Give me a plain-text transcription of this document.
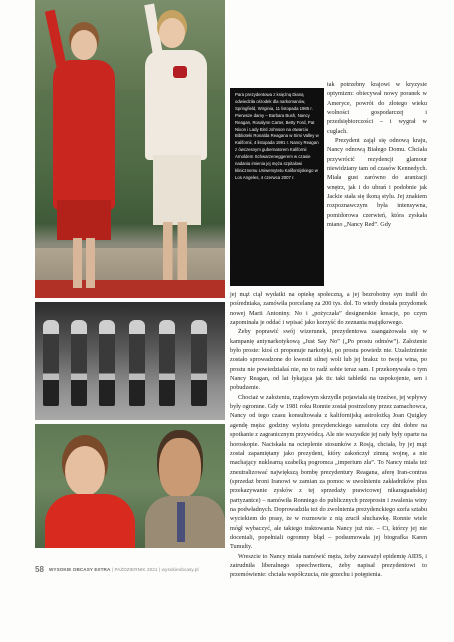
Para prezydentowa z księżną Dianą odwiedziła ośrodek dla narkomanów, Springfield, Wirginia, 11 listopada 1985 r. Pierwsze damy – Barbara Bush, Nancy Reagan, Rosalynn Carter, Betty Ford, Pat Nixon i Lady Bird Johnson na otwarciu Biblioteki Ronalda Reagana w Simi Valley w Kalifornii, 4 listopada 1991 r. Nancy Reagan z ówczesnym gubernatorem Kalifornii Arnoldem Schwarzeneggerem w czasie nadania imienia jej męża szpitalowi klinicznemu Uniwersytetu Kalifornijskiego w Los Angeles, 4 czerwca 2007 r.

tak potrzebny krajowi w kryzysie optymizm: obiecywał nowy poranek w Ameryce, powrót do złotego wieku wolności gospodarczej i przedsiębiorczości – i wygrał w cuglach.

Prezydent zajął się odnową kraju, Nancy odnową Białego Domu. Chciała przywrócić rezydencji glamour niewidziany tam od czasów Kennedych. Miała gust zarówno do aranżacji wnętrz, jak i do ubrań i podobnie jak Jackie stała się ikoną stylu. Jej znakiem rozpoznawczym była intensywna, pomidorowa czerwień, która zyskała miano „Nancy Red”. Gdy

jej mąż ciął wydatki na opiekę społeczną, a jej bezrobotny syn trafił do pośredniaka, zamówiła porcelanę za 200 tys. dol. To wtedy dostała przydomek nowej Marii Antoniny. No i „pożyczała” designerskie kreacje, po czym zapominała je oddać i wpisać jako korzyść do zeznania majątkowego.

Żeby poprawić swój wizerunek, prezydentowa zaangażowała się w kampanię antynarkotykową „Just Say No” („Po prostu odmów”). Założenie było proste: ktoś ci proponuje narkotyki, po prostu powiedz nie. Uzależnienie zostało sprowadzone do kwestii silnej woli lub jej braku: to twoja wina, po prostu nie powiedziałaś nie, no to radź sobie teraz sam. I przekonywała o tym Nancy Reagan, od lat łykająca jak tic taki tabletki na uspokojenie, sen i pobudzenie.

Chociaż w założeniu, rządowym skrzydle pojawiała się trzeźwe, jej wpływy były ogromne. Gdy w 1981 roku Ronnie został postrzelony przez zamachowca, Nancy od tego czasu konsultowała z kalifornijską astrolożką Joan Quigley agendę męża: godziny wylotu prezydenckiego samolotu czy dni dobre na spotkanie z zagranicznym przywódcą. Ale nie wszystkie jej rady były oparte na horoskopie. Naciskała na ocieplenie stosunków z Rosją, chciała, by jej mąż został zapamiętany jako prezydent, który zakończył zimną wojnę, a nie machający nuklearną szabelką pogromca „imperium zła”. To Nancy miała też zneutralizować największą bombę prezydentury Reagana, aferę Iran-contras (sprzedaż broni Iranowi w zamian za pomoc w uwolnieniu zakładników plus przekazywanie zysków z tej sprzedaży prawicowej nikaraguańskiej partyzantce) – namówiła Ronniego do publicznych przeprosin i zwalenia winy na podwładnych. Doprowadziła też do zwolnienia prezydenckiego szefa sztabu wyciekiem do prasy, że w rozmowie z nią zrucił słuchawkę. Ronnie wiele mógł wybaczyć, ale takiego traktowania Nancy już nie. – Ci, którzy jej nie doceniali, popełniali ogromny błąd – podsumowała jej biografka Karen Tumulty.

Wreszcie to Nancy miała namówić męża, żeby zauważył epidemię AIDS, i zatrudniła liberalnego speechwritera, żeby napisał prezydentowi to przemówienie: chciała współczucia, nie grzechu i potępienia.

58 WYSOKIE OBCASY EXTRA | PAŹDZIERNIK 2021 | wysokieobcasy.pl
